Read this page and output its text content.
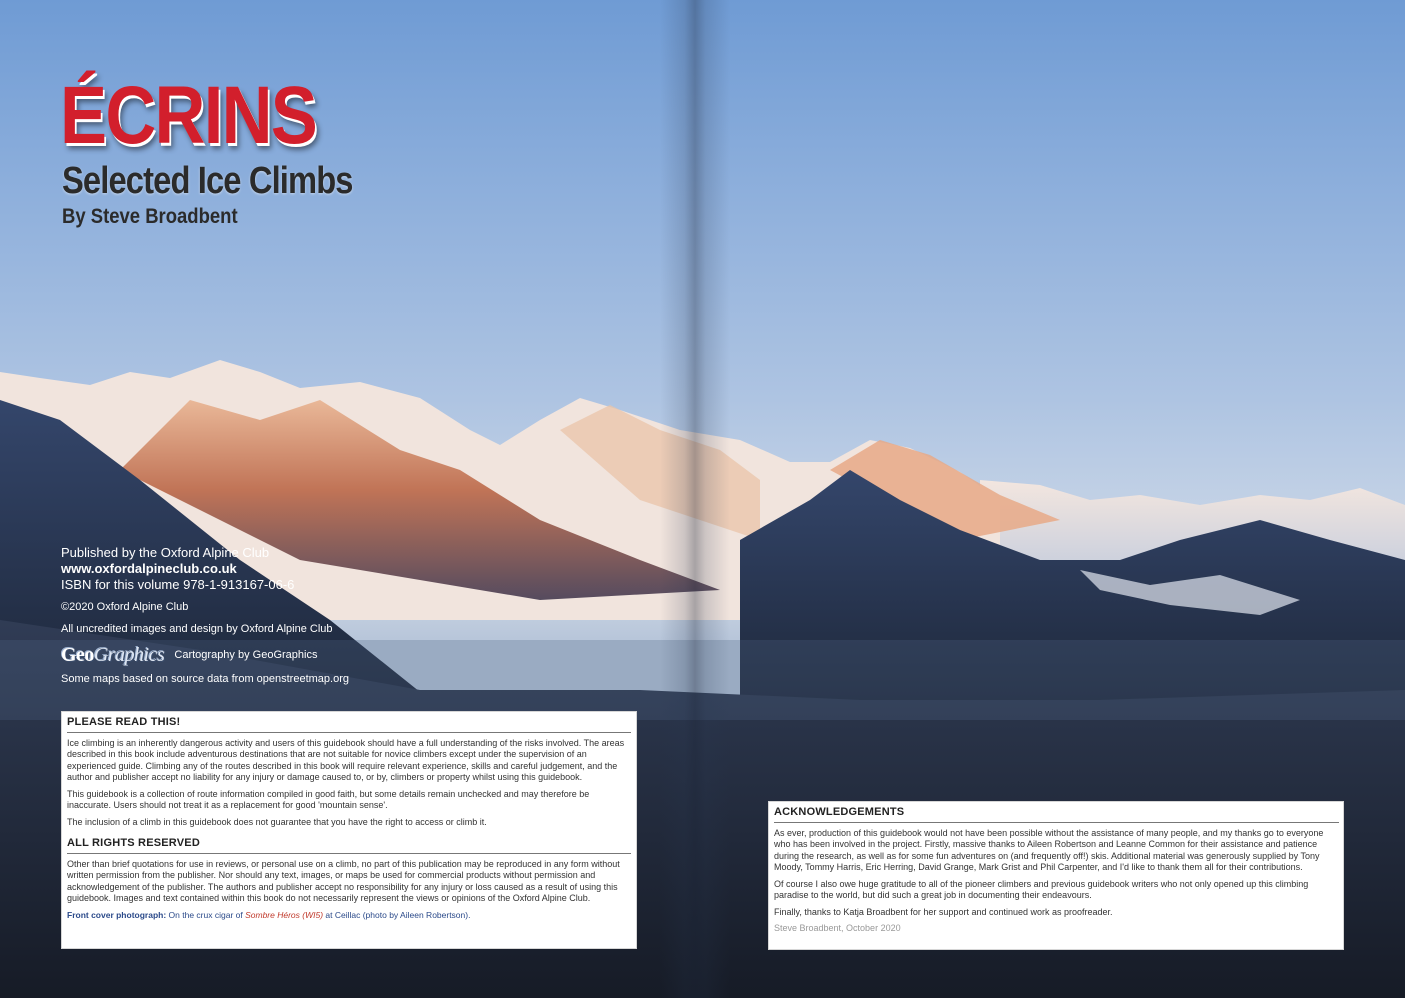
ÉCRINS
Selected Ice Climbs
By Steve Broadbent
Published by the Oxford Alpine Club
www.oxfordalpineclub.co.uk
ISBN for this volume 978-1-913167-06-6
©2020 Oxford Alpine Club
All uncredited images and design by Oxford Alpine Club
GeoGraphics Cartography by GeoGraphics
Some maps based on source data from openstreetmap.org
PLEASE READ THIS!

Ice climbing is an inherently dangerous activity and users of this guidebook should have a full understanding of the risks involved. The areas described in this book include adventurous destinations that are not suitable for novice climbers except under the supervision of an experienced guide. Climbing any of the routes described in this book will require relevant experience, skills and careful judgement, and the author and publisher accept no liability for any injury or damage caused to, or by, climbers or property whilst using this guidebook.

This guidebook is a collection of route information compiled in good faith, but some details remain unchecked and may therefore be inaccurate. Users should not treat it as a replacement for good 'mountain sense'.

The inclusion of a climb in this guidebook does not guarantee that you have the right to access or climb it.

ALL RIGHTS RESERVED

Other than brief quotations for use in reviews, or personal use on a climb, no part of this publication may be reproduced in any form without written permission from the publisher. Nor should any text, images, or maps be used for commercial products without permission and acknowledgement of the publisher. The authors and publisher accept no responsibility for any injury or loss caused as a result of using this guidebook. Images and text contained within this book do not necessarily represent the views or opinions of the Oxford Alpine Club.

Front cover photograph: On the crux cigar of Sombre Héros (WI5) at Ceillac (photo by Aileen Robertson).

ACKNOWLEDGEMENTS

As ever, production of this guidebook would not have been possible without the assistance of many people, and my thanks go to everyone who has been involved in the project. Firstly, massive thanks to Aileen Robertson and Leanne Common for their assistance and patience during the research, as well as for some fun adventures on (and frequently off!) skis. Additional material was generously supplied by Tony Moody, Tommy Harris, Eric Herring, David Grange, Mark Grist and Phil Carpenter, and I'd like to thank them all for their contributions.

Of course I also owe huge gratitude to all of the pioneer climbers and previous guidebook writers who not only opened up this climbing paradise to the world, but did such a great job in documenting their endeavours.

Finally, thanks to Katja Broadbent for her support and continued work as proofreader.

Steve Broadbent, October 2020
